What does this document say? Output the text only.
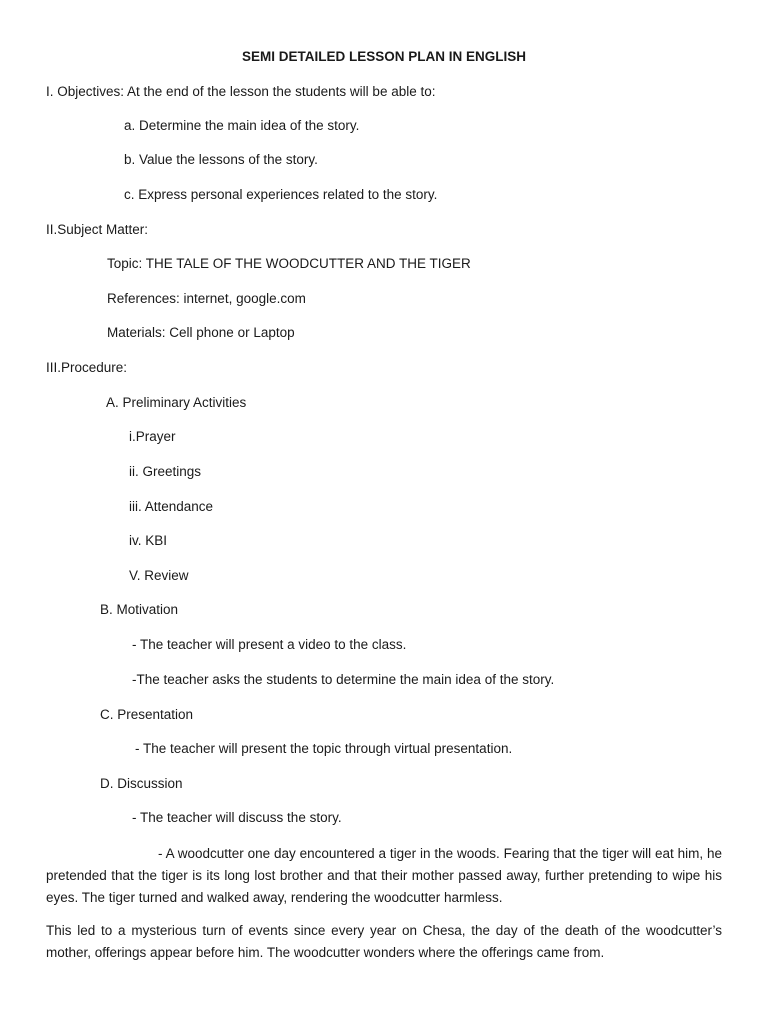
SEMI DETAILED LESSON PLAN IN ENGLISH
I. Objectives: At the end of the lesson the students will be able to:
a. Determine the main idea of the story.
b. Value the lessons of the story.
c. Express personal experiences related to the story.
II.Subject Matter:
Topic: THE TALE OF THE WOODCUTTER AND THE TIGER
References: internet, google.com
Materials: Cell phone or Laptop
III.Procedure:
A. Preliminary Activities
i.Prayer
ii. Greetings
iii. Attendance
iv. KBI
V. Review
B. Motivation
- The teacher will present a video to the class.
-The teacher asks the students to determine the main idea of the story.
C. Presentation
- The teacher will present the topic through virtual presentation.
D. Discussion
- The teacher will discuss the story.
- A woodcutter one day encountered a tiger in the woods. Fearing that the tiger will eat him, he pretended that the tiger is its long lost brother and that their mother passed away, further pretending to wipe his eyes. The tiger turned and walked away, rendering the woodcutter harmless.
This led to a mysterious turn of events since every year on Chesa, the day of the death of the woodcutter’s mother, offerings appear before him. The woodcutter wonders where the offerings came from.
